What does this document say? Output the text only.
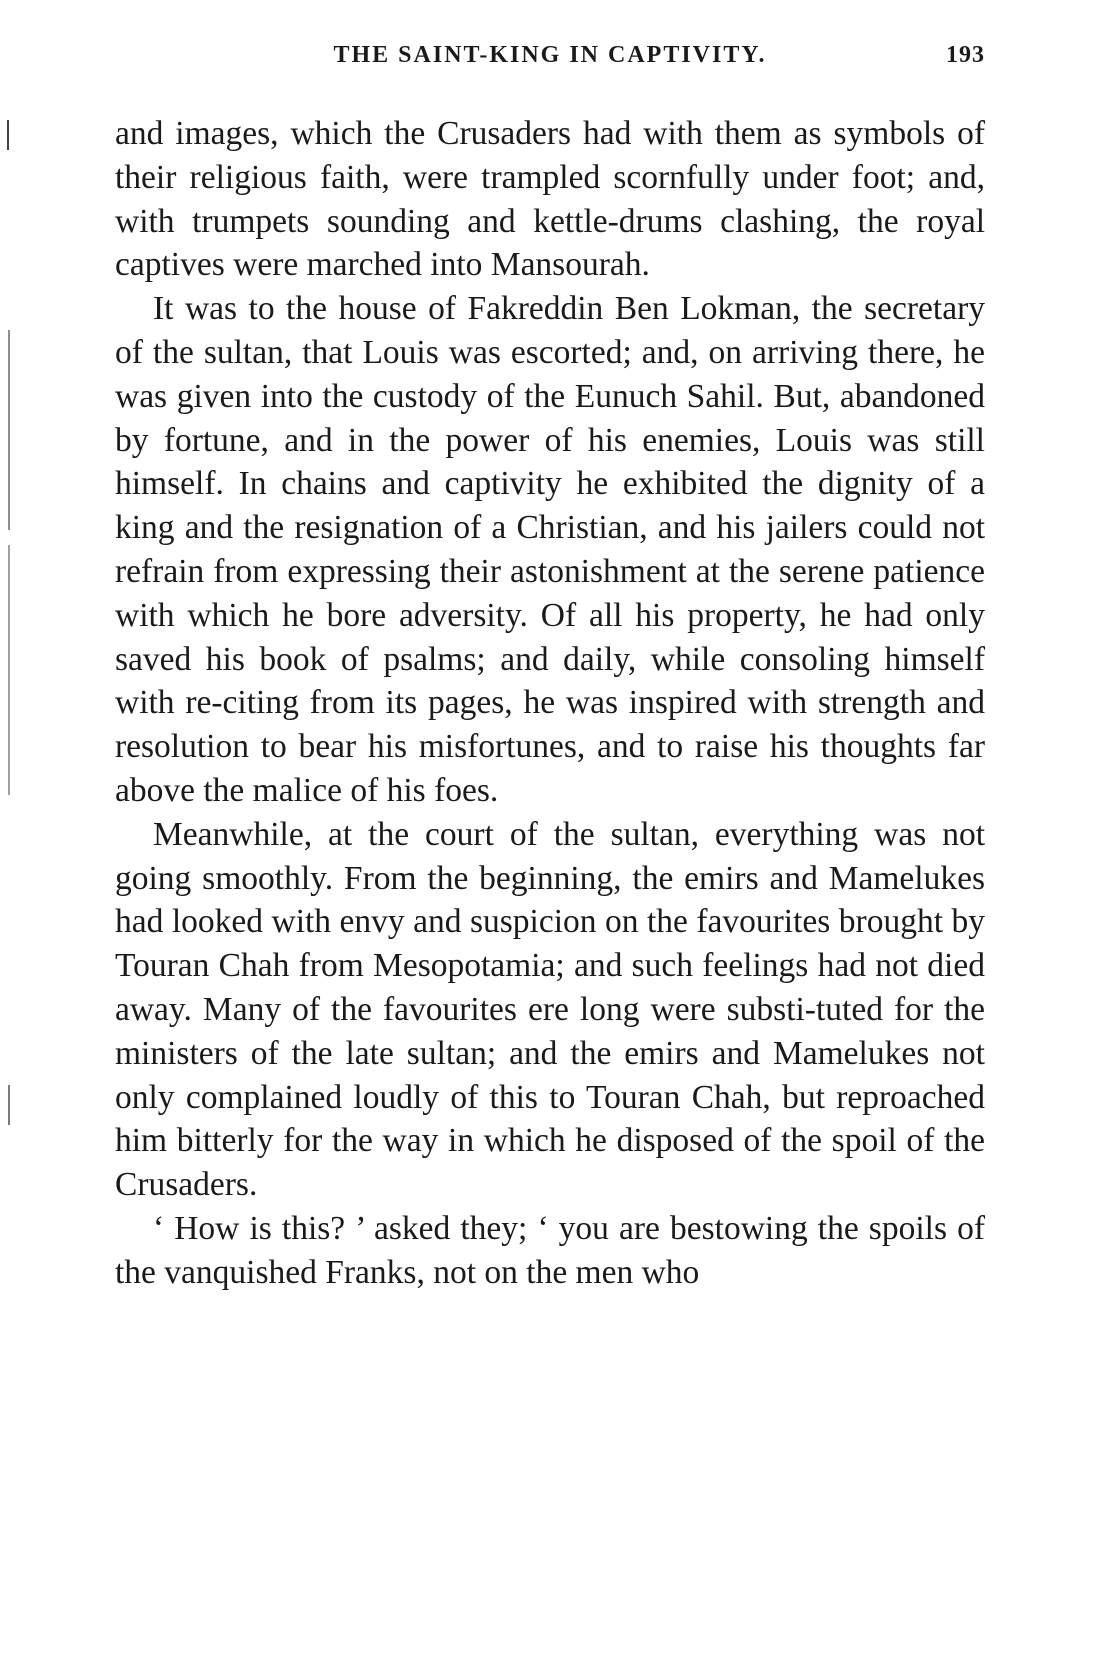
THE SAINT-KING IN CAPTIVITY.	193

and images, which the Crusaders had with them as symbols of their religious faith, were trampled scornfully under foot; and, with trumpets sounding and kettle-drums clashing, the royal captives were marched into Mansourah.

It was to the house of Fakreddin Ben Lokman, the secretary of the sultan, that Louis was escorted; and, on arriving there, he was given into the custody of the Eunuch Sahil. But, abandoned by fortune, and in the power of his enemies, Louis was still himself. In chains and captivity he exhibited the dignity of a king and the resignation of a Christian, and his jailers could not refrain from expressing their astonishment at the serene patience with which he bore adversity. Of all his property, he had only saved his book of psalms; and daily, while consoling himself with re-citing from its pages, he was inspired with strength and resolution to bear his misfortunes, and to raise his thoughts far above the malice of his foes.

Meanwhile, at the court of the sultan, everything was not going smoothly. From the beginning, the emirs and Mamelukes had looked with envy and suspicion on the favourites brought by Touran Chah from Mesopotamia; and such feelings had not died away. Many of the favourites ere long were substi-tuted for the ministers of the late sultan; and the emirs and Mamelukes not only complained loudly of this to Touran Chah, but reproached him bitterly for the way in which he disposed of the spoil of the Crusaders.

‘ How is this? ’ asked they; ‘ you are bestowing the spoils of the vanquished Franks, not on the men who
